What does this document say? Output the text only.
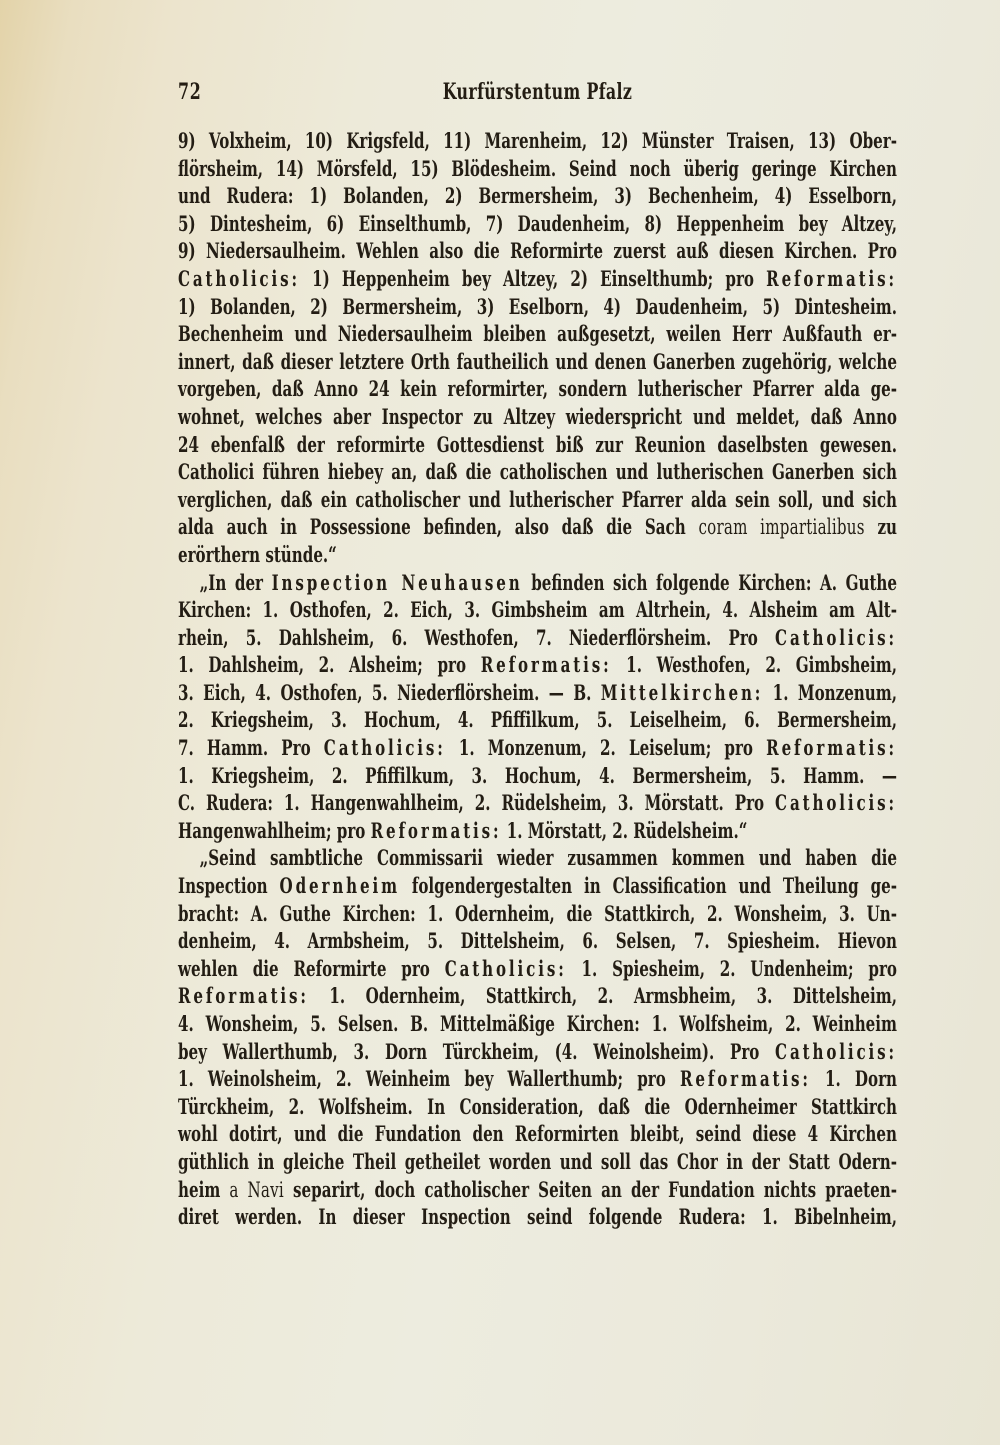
72	Kurfürstentum Pfalz
9) Volxheim, 10) Krigsfeld, 11) Marenheim, 12) Münster Traisen, 13) Ober-
flörsheim, 14) Mörsfeld, 15) Blödesheim. Seind noch überig geringe Kirchen
und Rudera: 1) Bolanden, 2) Bermersheim, 3) Bechenheim, 4) Esselborn,
5) Dintesheim, 6) Einselthumb, 7) Daudenheim, 8) Heppenheim bey Altzey,
9) Niedersaulheim. Wehlen also die Reformirte zuerst auß diesen Kirchen. Pro
Catholicis: 1) Heppenheim bey Altzey, 2) Einselthumb; pro Reformatis:
1) Bolanden, 2) Bermersheim, 3) Eselborn, 4) Daudenheim, 5) Dintesheim.
Bechenheim und Niedersaulheim bleiben außgesetzt, weilen Herr Außfauth er-
innert, daß dieser letztere Orth fautheilich und denen Ganerben zugehörig, welche
vorgeben, daß Anno 24 kein reformirter, sondern lutherischer Pfarrer alda ge-
wohnet, welches aber Inspector zu Altzey wiederspricht und meldet, daß Anno
24 ebenfalß der reformirte Gottesdienst biß zur Reunion daselbsten gewesen.
Catholici führen hiebey an, daß die catholischen und lutherischen Ganerben sich
verglichen, daß ein catholischer und lutherischer Pfarrer alda sein soll, und sich
alda auch in Possessione befinden, also daß die Sach coram impartialibus zu
erörthern stünde.“
„In der Inspection Neuhausen befinden sich folgende Kirchen: A. Guthe
Kirchen: 1. Osthofen, 2. Eich, 3. Gimbsheim am Altrhein, 4. Alsheim am Alt-
rhein, 5. Dahlsheim, 6. Westhofen, 7. Niederflörsheim. Pro Catholicis:
1. Dahlsheim, 2. Alsheim; pro Reformatis: 1. Westhofen, 2. Gimbsheim,
3. Eich, 4. Osthofen, 5. Niederflörsheim. — B. Mittelkirchen: 1. Monzenum,
2. Kriegsheim, 3. Hochum, 4. Pfiffilkum, 5. Leiselheim, 6. Bermersheim,
7. Hamm. Pro Catholicis: 1. Monzenum, 2. Leiselum; pro Reformatis:
1. Kriegsheim, 2. Pfiffilkum, 3. Hochum, 4. Bermersheim, 5. Hamm. —
C. Rudera: 1. Hangenwahlheim, 2. Rüdelsheim, 3. Mörstatt. Pro Catholicis:
Hangenwahlheim; pro Reformatis: 1. Mörstatt, 2. Rüdelsheim.“
„Seind sambtliche Commissarii wieder zusammen kommen und haben die
Inspection Odernheim folgendergestalten in Classification und Theilung ge-
bracht: A. Guthe Kirchen: 1. Odernheim, die Stattkirch, 2. Wonsheim, 3. Un-
denheim, 4. Armbsheim, 5. Dittelsheim, 6. Selsen, 7. Spiesheim. Hievon
wehlen die Reformirte pro Catholicis: 1. Spiesheim, 2. Undenheim; pro
Reformatis: 1. Odernheim, Stattkirch, 2. Armsbheim, 3. Dittelsheim,
4. Wonsheim, 5. Selsen. B. Mittelmäßige Kirchen: 1. Wolfsheim, 2. Weinheim
bey Wallerthumb, 3. Dorn Türckheim, (4. Weinolsheim). Pro Catholicis:
1. Weinolsheim, 2. Weinheim bey Wallerthumb; pro Reformatis: 1. Dorn
Türckheim, 2. Wolfsheim. In Consideration, daß die Odernheimer Stattkirch
wohl dotirt, und die Fundation den Reformirten bleibt, seind diese 4 Kirchen
güthlich in gleiche Theil getheilet worden und soll das Chor in der Statt Odern-
heim a Navi separirt, doch catholischer Seiten an der Fundation nichts praeten-
diret werden. In dieser Inspection seind folgende Rudera: 1. Bibelnheim,
